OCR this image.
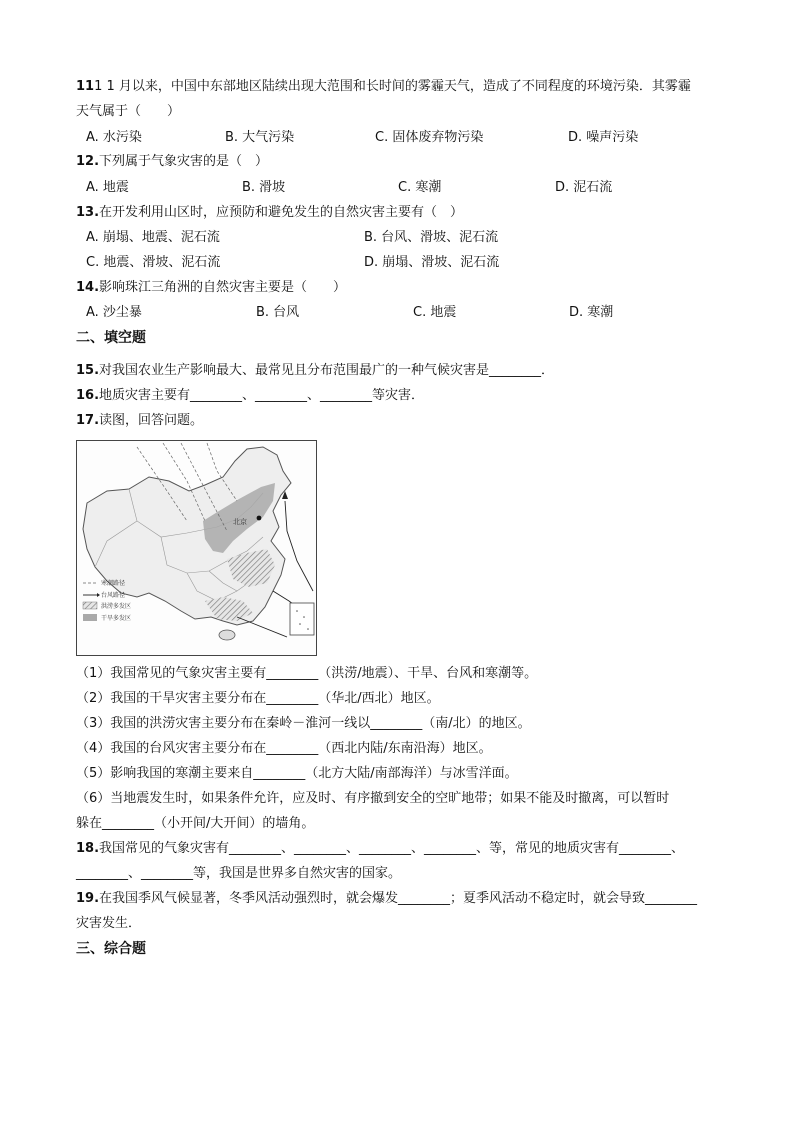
111 1 月以来，中国中东部地区陆续出现大范围和长时间的雾霾天气，造成了不同程度的环境污染．其雾霾
天气属于（　　）
A. 水污染	B. 大气污染	C. 固体废弃物污染	D. 噪声污染
12.下列属于气象灾害的是（　）
A. 地震	B. 滑坡	C. 寒潮	D. 泥石流
13.在开发利用山区时，应预防和避免发生的自然灾害主要有（　）
A. 崩塌、地震、泥石流	B. 台风、滑坡、泥石流
C. 地震、滑坡、泥石流	D. 崩塌、滑坡、泥石流
14.影响珠江三角洲的自然灾害主要是（　　）
A. 沙尘暴	B. 台风	C. 地震	D. 寒潮
二、填空题
15.对我国农业生产影响最大、最常见且分布范围最广的一种气候灾害是________．
16.地质灾害主要有________、________、________等灾害．
17.读图，回答问题。
北京
寒潮路径
台风路径
洪涝多发区
干旱多发区
（1）我国常见的气象灾害主要有________（洪涝/地震）、干旱、台风和寒潮等。
（2）我国的干旱灾害主要分布在________（华北/西北）地区。
（3）我国的洪涝灾害主要分布在秦岭－淮河一线以________（南/北）的地区。
（4）我国的台风灾害主要分布在________（西北内陆/东南沿海）地区。
（5）影响我国的寒潮主要来自________（北方大陆/南部海洋）与冰雪洋面。
（6）当地震发生时，如果条件允许，应及时、有序撤到安全的空旷地带；如果不能及时撤离，可以暂时
躲在________（小开间/大开间）的墙角。
18.我国常见的气象灾害有________、________、________、________、等，常见的地质灾害有________、
________、________等，我国是世界多自然灾害的国家。
19.在我国季风气候显著，冬季风活动强烈时，就会爆发________；夏季风活动不稳定时，就会导致________
灾害发生．
三、综合题
